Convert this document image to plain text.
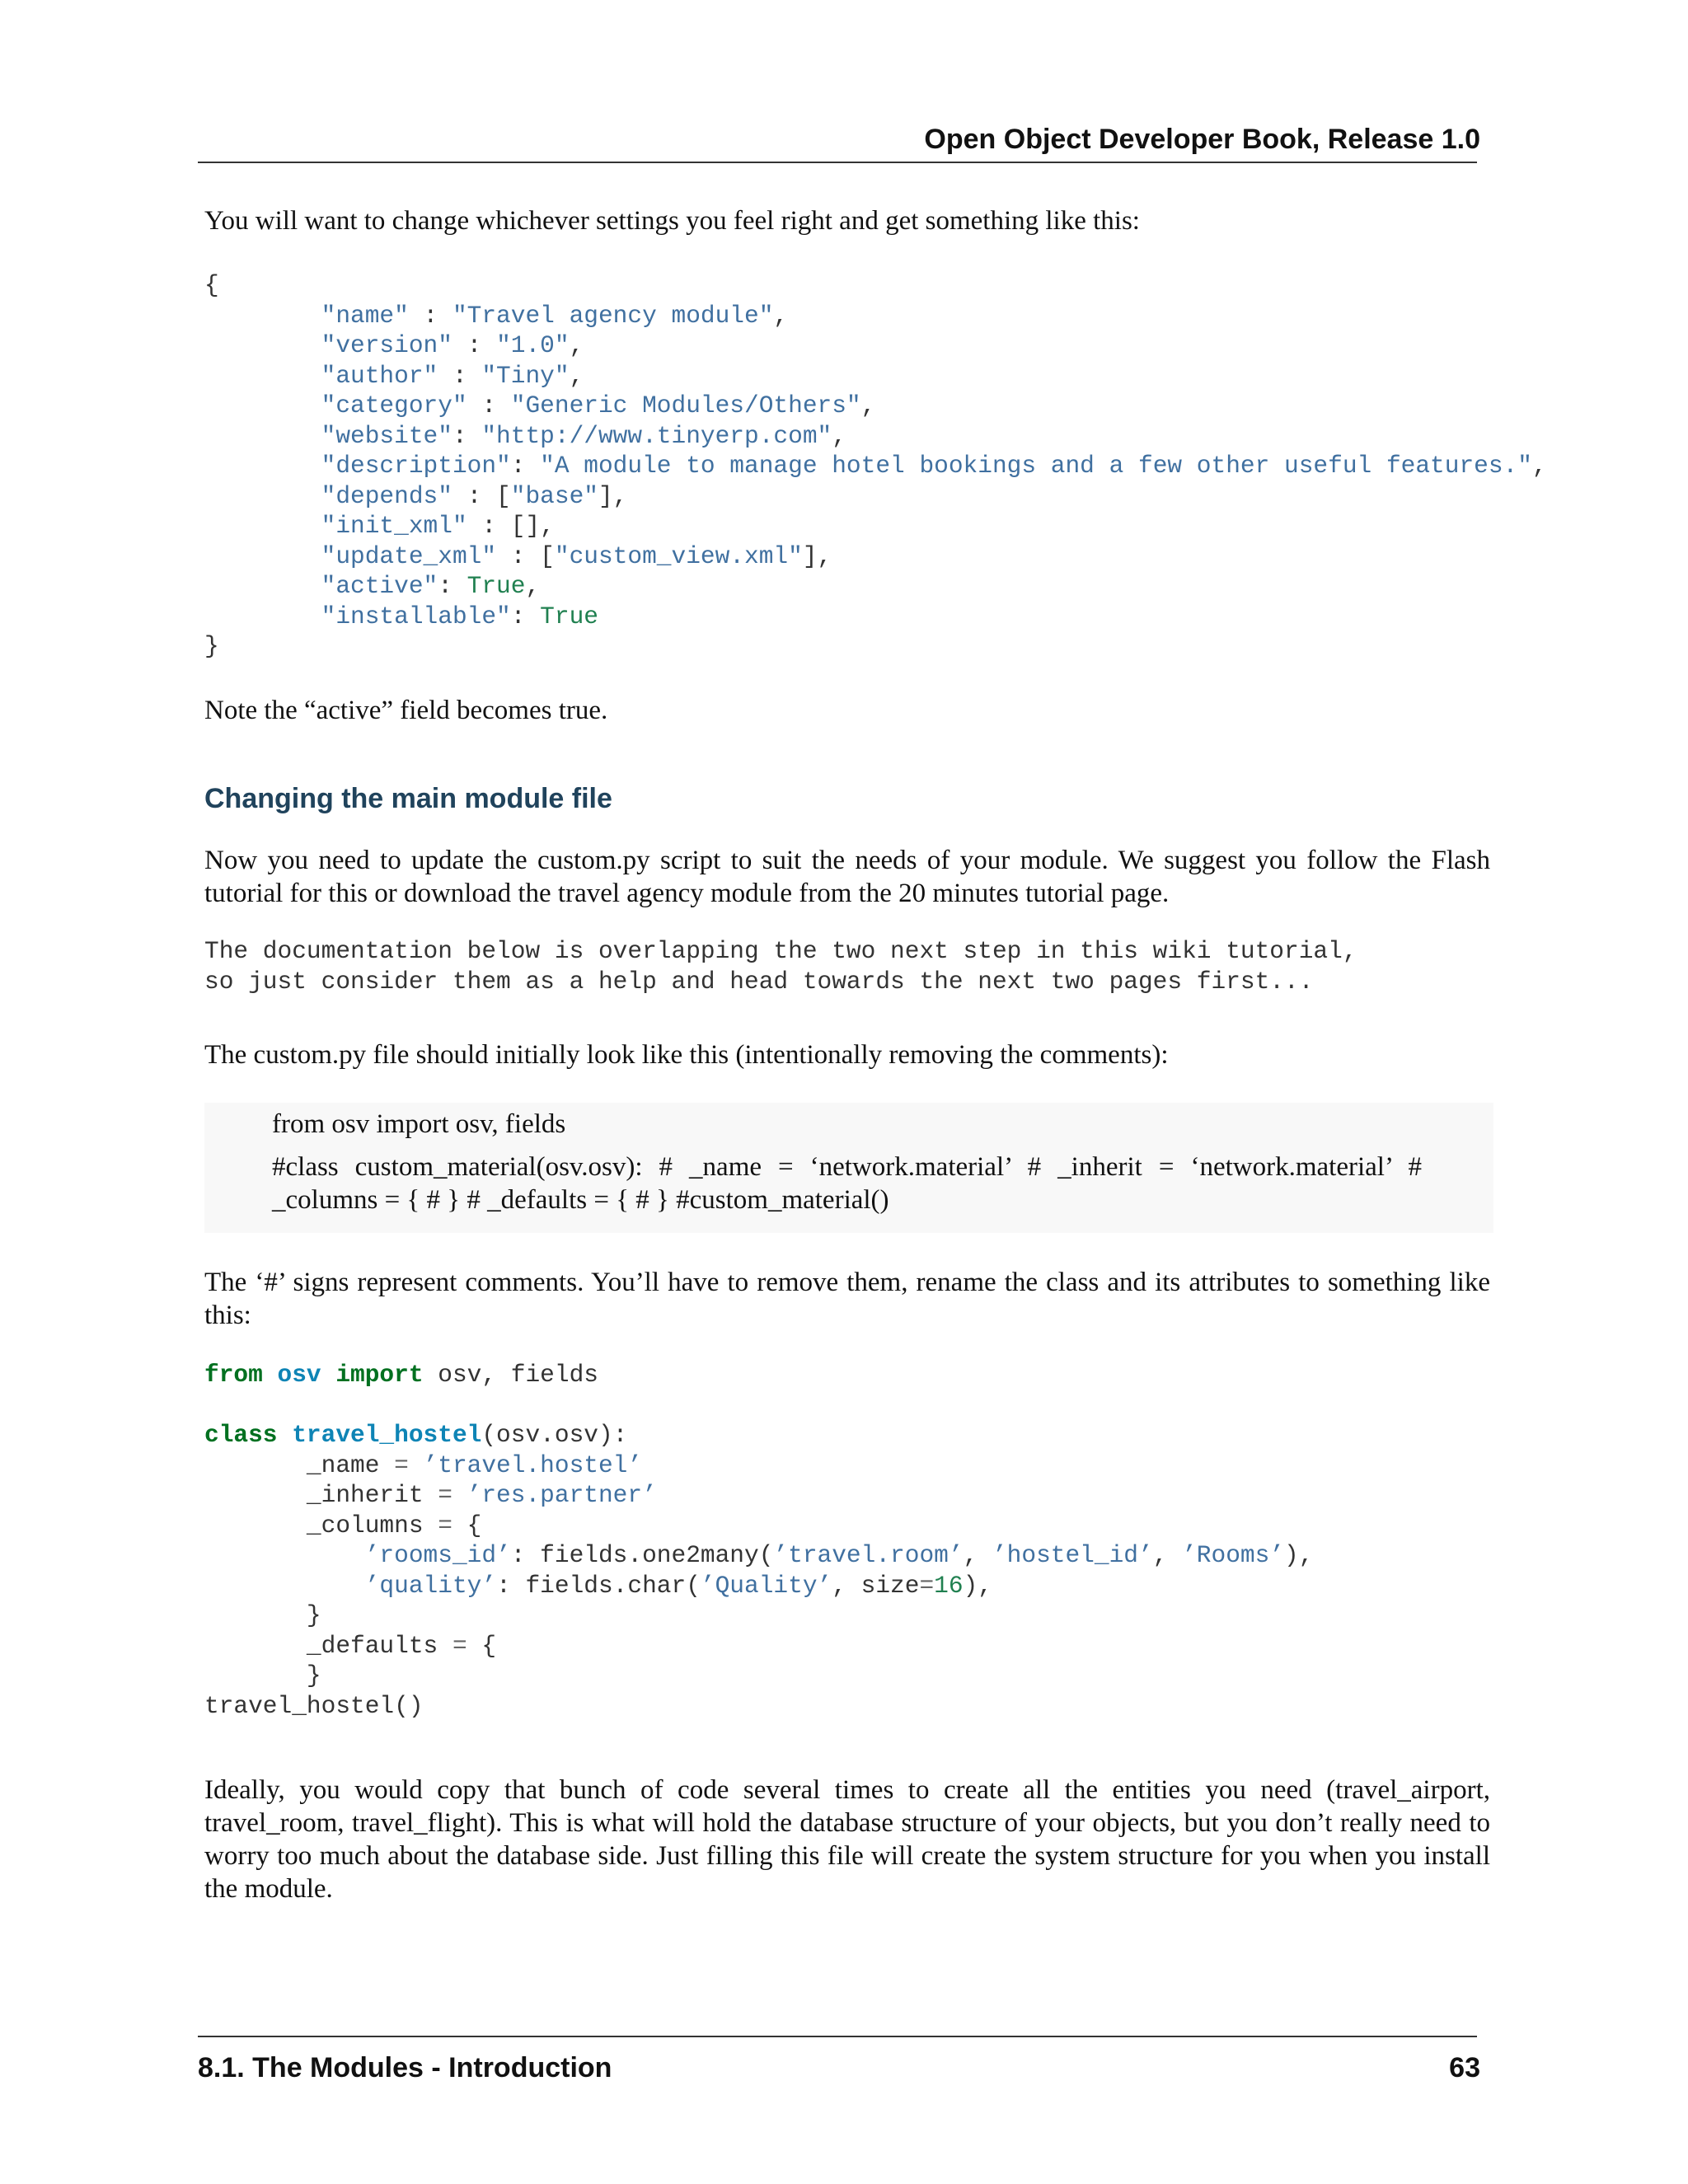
Open Object Developer Book, Release 1.0

You will want to change whichever settings you feel right and get something like this:

{
"name" : "Travel agency module",
"version" : "1.0",
"author" : "Tiny",
"category" : "Generic Modules/Others",
"website": "http://www.tinyerp.com",
"description": "A module to manage hotel bookings and a few other useful features.",
"depends" : ["base"],
"init_xml" : [],
"update_xml" : ["custom_view.xml"],
"active": True,
"installable": True
}

Note the “active” field becomes true.

Changing the main module file

Now you need to update the custom.py script to suit the needs of your module. We suggest you follow the Flash tutorial for this or download the travel agency module from the 20 minutes tutorial page.

The documentation below is overlapping the two next step in this wiki tutorial,
so just consider them as a help and head towards the next two pages first...

The custom.py file should initially look like this (intentionally removing the comments):

from osv import osv, fields

#class custom_material(osv.osv): # _name = ‘network.material’ # _inherit = ‘network.material’ # _columns = { # } # _defaults = { # } #custom_material()

The ‘#’ signs represent comments. You’ll have to remove them, rename the class and its attributes to something like this:

from osv import osv, fields

class travel_hostel(osv.osv):
_name = ’travel.hostel’
_inherit = ’res.partner’
_columns = {
’rooms_id’: fields.one2many(’travel.room’, ’hostel_id’, ’Rooms’),
’quality’: fields.char(’Quality’, size=16),
}
_defaults = {
}
travel_hostel()

Ideally, you would copy that bunch of code several times to create all the entities you need (travel_airport, travel_room, travel_flight). This is what will hold the database structure of your objects, but you don’t really need to worry too much about the database side. Just filling this file will create the system structure for you when you install the module.

8.1. The Modules - Introduction	63
